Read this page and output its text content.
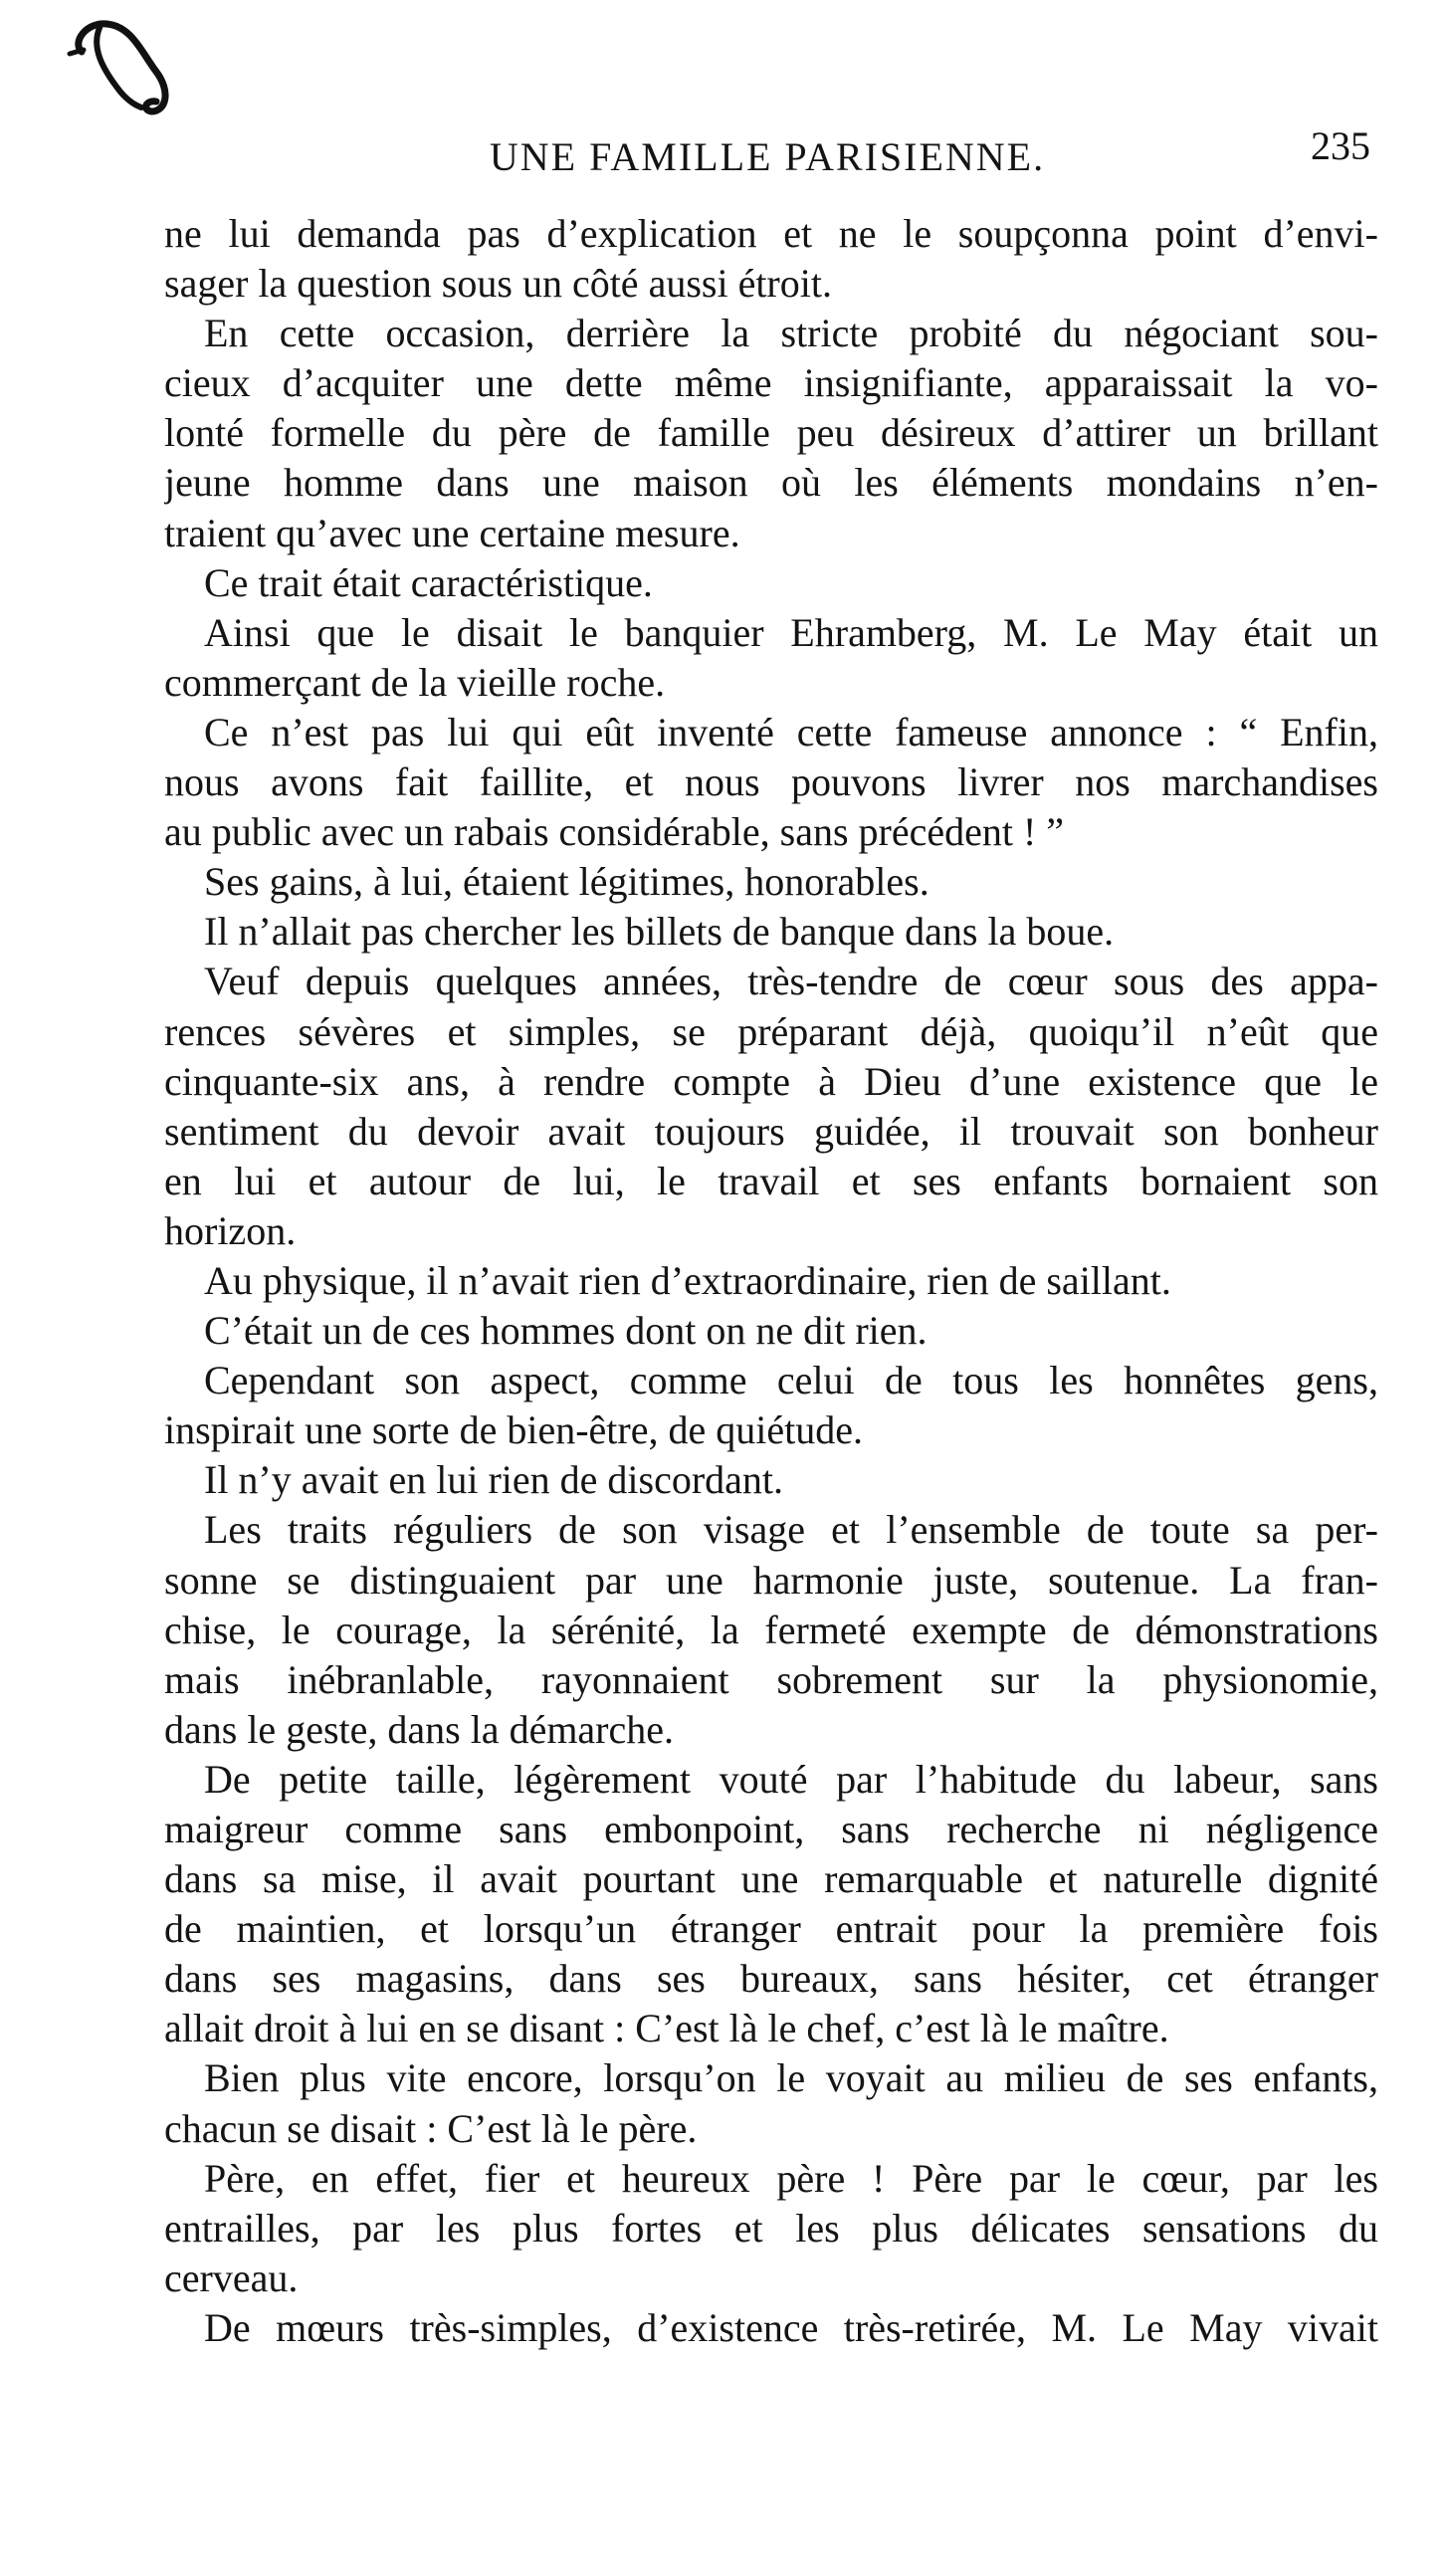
UNE FAMILLE PARISIENNE.	235
ne lui demanda pas d’explication et ne le soupçonna point d’envi-
sager la question sous un côté aussi étroit.
En cette occasion, derrière la stricte probité du négociant sou-
cieux d’acquiter une dette même insignifiante, apparaissait la vo-
lonté formelle du père de famille peu désireux d’attirer un brillant
jeune homme dans une maison où les éléments mondains n’en-
traient qu’avec une certaine mesure.
Ce trait était caractéristique.
Ainsi que le disait le banquier Ehramberg, M. Le May était un
commerçant de la vieille roche.
Ce n’est pas lui qui eût inventé cette fameuse annonce : “ Enfin,
nous avons fait faillite, et nous pouvons livrer nos marchandises
au public avec un rabais considérable, sans précédent ! ”
Ses gains, à lui, étaient légitimes, honorables.
Il n’allait pas chercher les billets de banque dans la boue.
Veuf depuis quelques années, très-tendre de cœur sous des appa-
rences sévères et simples, se préparant déjà, quoiqu’il n’eût que
cinquante-six ans, à rendre compte à Dieu d’une existence que le
sentiment du devoir avait toujours guidée, il trouvait son bonheur
en lui et autour de lui, le travail et ses enfants bornaient son
horizon.
Au physique, il n’avait rien d’extraordinaire, rien de saillant.
C’était un de ces hommes dont on ne dit rien.
Cependant son aspect, comme celui de tous les honnêtes gens,
inspirait une sorte de bien-être, de quiétude.
Il n’y avait en lui rien de discordant.
Les traits réguliers de son visage et l’ensemble de toute sa per-
sonne se distinguaient par une harmonie juste, soutenue. La fran-
chise, le courage, la sérénité, la fermeté exempte de démonstrations
mais inébranlable, rayonnaient sobrement sur la physionomie,
dans le geste, dans la démarche.
De petite taille, légèrement vouté par l’habitude du labeur, sans
maigreur comme sans embonpoint, sans recherche ni négligence
dans sa mise, il avait pourtant une remarquable et naturelle dignité
de maintien, et lorsqu’un étranger entrait pour la première fois
dans ses magasins, dans ses bureaux, sans hésiter, cet étranger
allait droit à lui en se disant : C’est là le chef, c’est là le maître.
Bien plus vite encore, lorsqu’on le voyait au milieu de ses enfants,
chacun se disait : C’est là le père.
Père, en effet, fier et heureux père ! Père par le cœur, par les
entrailles, par les plus fortes et les plus délicates sensations du
cerveau.
De mœurs très-simples, d’existence très-retirée, M. Le May vivait
